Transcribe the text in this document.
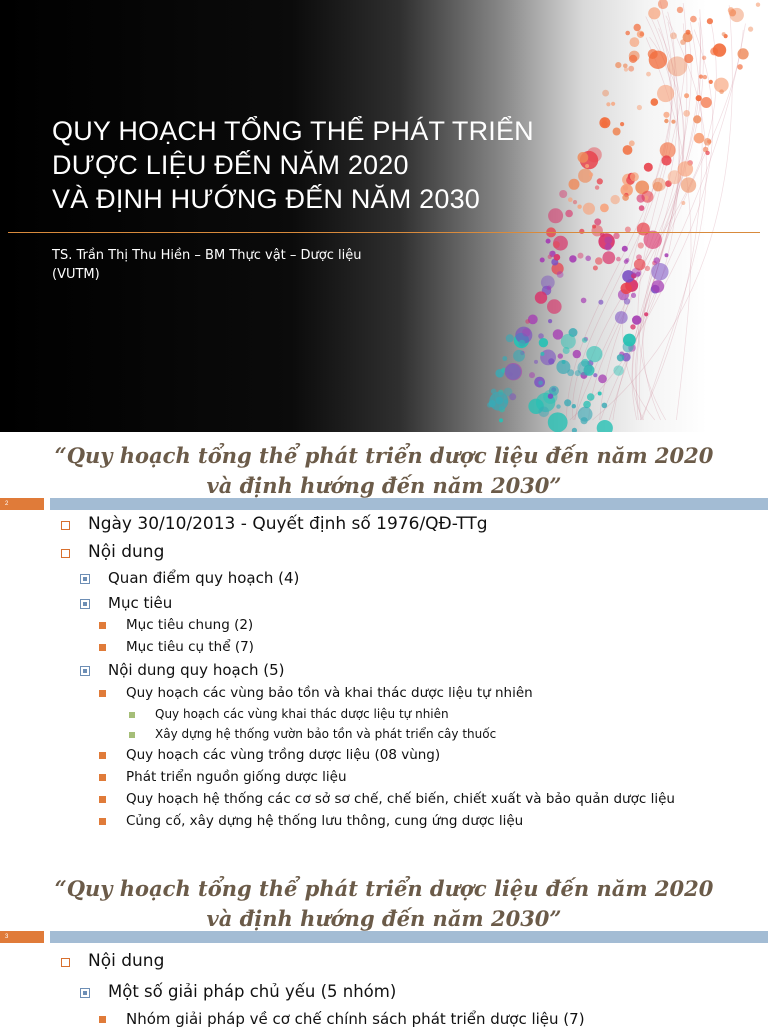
QUY HOẠCH TỔNG THỂ PHÁT TRIỂN
DƯỢC LIỆU ĐẾN NĂM 2020
VÀ ĐỊNH HƯỚNG ĐẾN NĂM 2030
TS. Trần Thị Thu Hiền – BM Thực vật – Dược liệu
(VUTM)
“Quy hoạch tổng thể phát triển dược liệu đến năm 2020
và định hướng đến năm 2030”
2
Ngày 30/10/2013 - Quyết định số 1976/QĐ-TTg
Nội dung
Quan điểm quy hoạch (4)
Mục tiêu
Mục tiêu chung (2)
Mục tiêu cụ thể (7)
Nội dung quy hoạch (5)
Quy hoạch các vùng bảo tồn và khai thác dược liệu tự nhiên
Quy hoạch các vùng khai thác dược liệu tự nhiên
Xây dựng hệ thống vườn bảo tồn và phát triển cây thuốc
Quy hoạch các vùng trồng dược liệu (08 vùng)
Phát triển nguồn giống dược liệu
Quy hoạch hệ thống các cơ sở sơ chế, chế biến, chiết xuất và bảo quản dược liệu
Củng cố, xây dựng hệ thống lưu thông, cung ứng dược liệu
“Quy hoạch tổng thể phát triển dược liệu đến năm 2020
và định hướng đến năm 2030”
3
Nội dung
Một số giải pháp chủ yếu (5 nhóm)
Nhóm giải pháp về cơ chế chính sách phát triển dược liệu (7)
